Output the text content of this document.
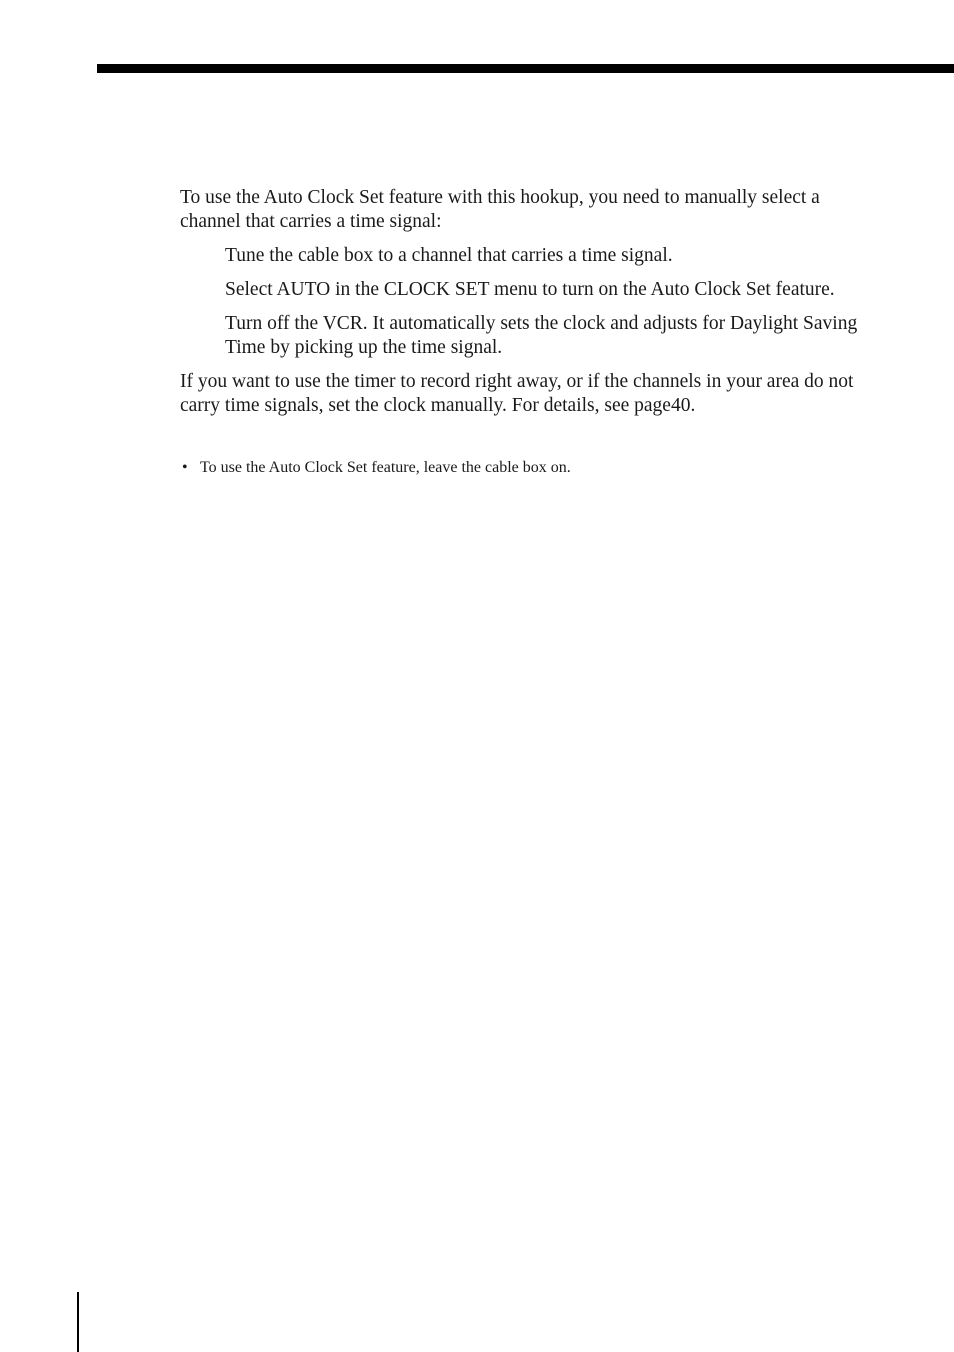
To use the Auto Clock Set feature with this hookup, you need to manually select a channel that carries a time signal:

Tune the cable box to a channel that carries a time signal.
Select AUTO in the CLOCK SET menu to turn on the Auto Clock Set feature.
Turn off the VCR. It automatically sets the clock and adjusts for Daylight Saving Time by picking up the time signal.

If you want to use the timer to record right away, or if the channels in your area do not carry time signals, set the clock manually. For details, see page40.

• To use the Auto Clock Set feature, leave the cable box on.
